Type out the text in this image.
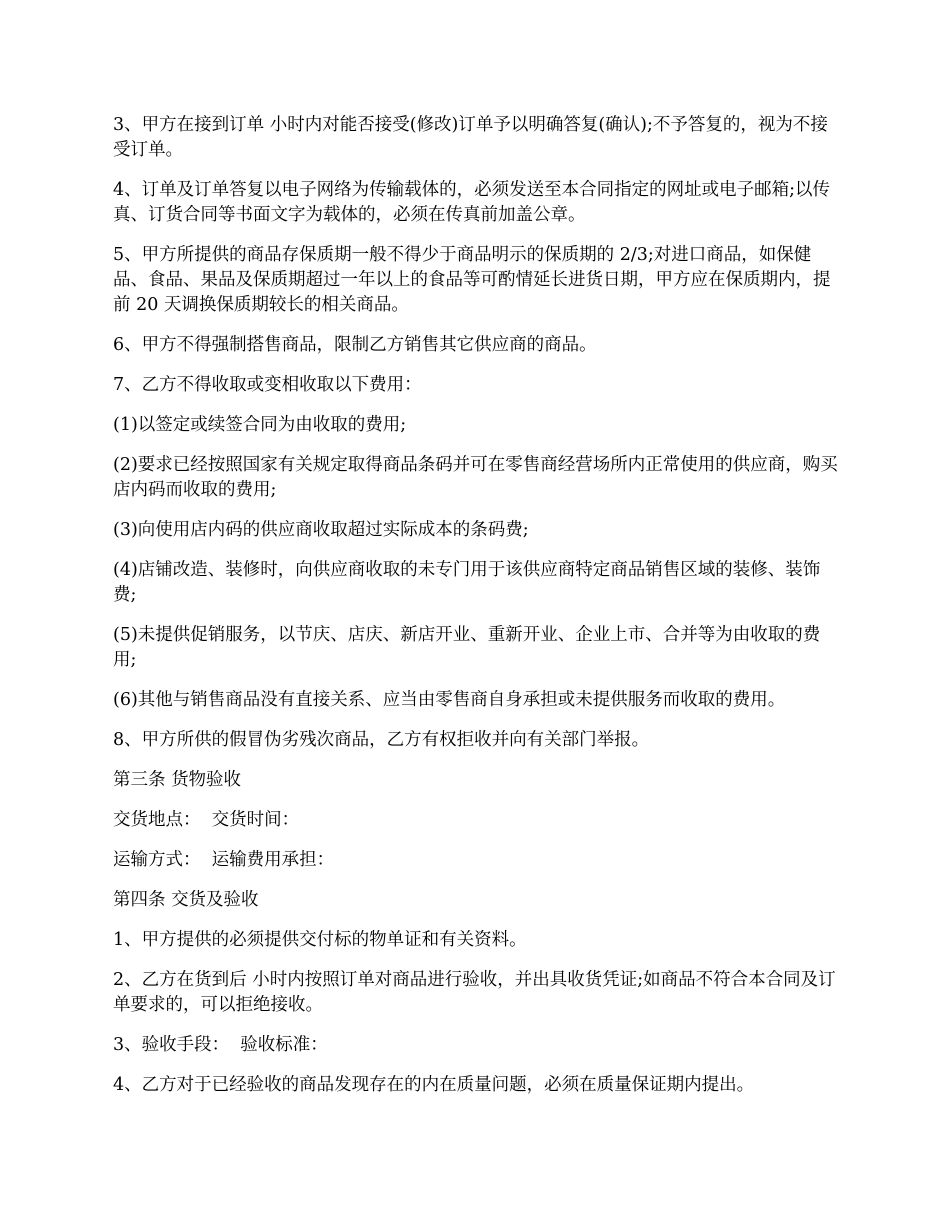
3、甲方在接到订单 小时内对能否接受(修改)订单予以明确答复(确认);不予答复的，视为不接受订单。

4、订单及订单答复以电子网络为传输载体的，必须发送至本合同指定的网址或电子邮箱;以传真、订货合同等书面文字为载体的，必须在传真前加盖公章。

5、甲方所提供的商品存保质期一般不得少于商品明示的保质期的 2/3;对进口商品，如保健品、食品、果品及保质期超过一年以上的食品等可酌情延长进货日期，甲方应在保质期内，提前 20 天调换保质期较长的相关商品。

6、甲方不得强制搭售商品，限制乙方销售其它供应商的商品。

7、乙方不得收取或变相收取以下费用：

(1)以签定或续签合同为由收取的费用;

(2)要求已经按照国家有关规定取得商品条码并可在零售商经营场所内正常使用的供应商，购买店内码而收取的费用;

(3)向使用店内码的供应商收取超过实际成本的条码费;

(4)店铺改造、装修时，向供应商收取的未专门用于该供应商特定商品销售区域的装修、装饰费;

(5)未提供促销服务，以节庆、店庆、新店开业、重新开业、企业上市、合并等为由收取的费用;

(6)其他与销售商品没有直接关系、应当由零售商自身承担或未提供服务而收取的费用。

8、甲方所供的假冒伪劣残次商品，乙方有权拒收并向有关部门举报。

第三条 货物验收

交货地点：  交货时间：

运输方式：  运输费用承担：

第四条 交货及验收

1、甲方提供的必须提供交付标的物单证和有关资料。

2、乙方在货到后 小时内按照订单对商品进行验收，并出具收货凭证;如商品不符合本合同及订单要求的，可以拒绝接收。

3、验收手段：  验收标准：

4、乙方对于已经验收的商品发现存在的内在质量问题，必须在质量保证期内提出。
